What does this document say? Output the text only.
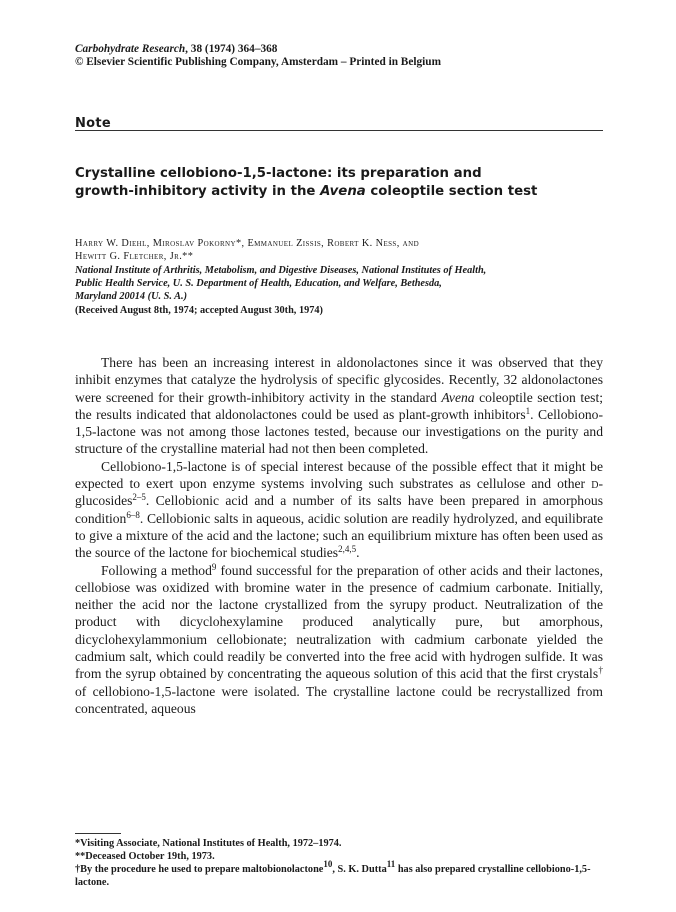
Carbohydrate Research, 38 (1974) 364–368
© Elsevier Scientific Publishing Company, Amsterdam – Printed in Belgium
Note
Crystalline cellobiono-1,5-lactone: its preparation and
growth-inhibitory activity in the Avena coleoptile section test
Harry W. Diehl, Miroslav Pokorny*, Emmanuel Zissis, Robert K. Ness, and
Hewitt G. Fletcher, Jr.**
National Institute of Arthritis, Metabolism, and Digestive Diseases, National Institutes of Health,
Public Health Service, U. S. Department of Health, Education, and Welfare, Bethesda,
Maryland 20014 (U. S. A.)
(Received August 8th, 1974; accepted August 30th, 1974)

There has been an increasing interest in aldonolactones since it was observed that they inhibit enzymes that catalyze the hydrolysis of specific glycosides. Recently, 32 aldonolactones were screened for their growth-inhibitory activity in the standard Avena coleoptile section test; the results indicated that aldonolactones could be used as plant-growth inhibitors$^1$. Cellobiono-1,5-lactone was not among those lactones tested, because our investigations on the purity and structure of the crystalline material had not then been completed.

Cellobiono-1,5-lactone is of special interest because of the possible effect that it might be expected to exert upon enzyme systems involving such substrates as cellulose and other d-glucosides$^{2-5}$. Cellobionic acid and a number of its salts have been prepared in amorphous condition$^{6-8}$. Cellobionic salts in aqueous, acidic solution are readily hydrolyzed, and equilibrate to give a mixture of the acid and the lactone; such an equilibrium mixture has often been used as the source of the lactone for biochemical studies$^{2,4,5}$.

Following a method$^9$ found successful for the preparation of other acids and their lactones, cellobiose was oxidized with bromine water in the presence of cadmium carbonate. Initially, neither the acid nor the lactone crystallized from the syrupy product. Neutralization of the product with dicyclohexylamine produced analytically pure, but amorphous, dicyclohexylammonium cellobionate; neutralization with cadmium carbonate yielded the cadmium salt, which could readily be converted into the free acid with hydrogen sulfide. It was from the syrup obtained by concentrating the aqueous solution of this acid that the first crystals† of cellobiono-1,5-lactone were isolated. The crystalline lactone could be recrystallized from concentrated, aqueous

*Visiting Associate, National Institutes of Health, 1972–1974.
**Deceased October 19th, 1973.
†By the procedure he used to prepare maltobionolactone10, S. K. Dutta11 has also prepared crystalline cellobiono-1,5-lactone.
